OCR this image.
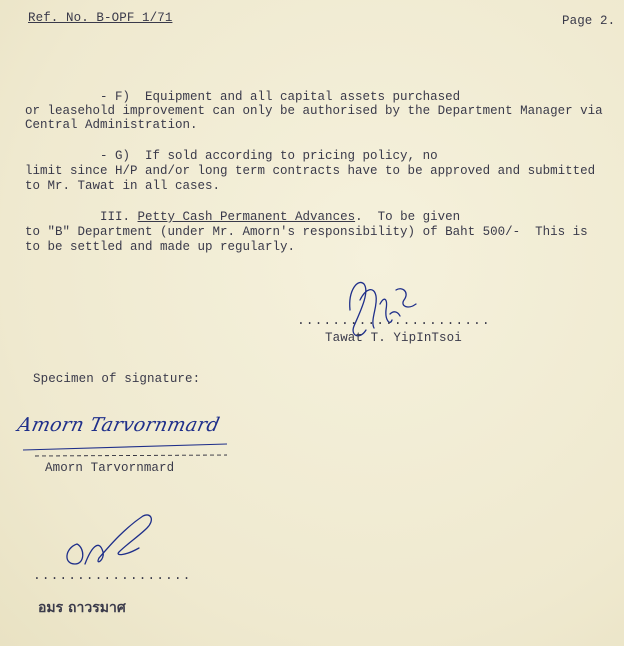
Ref. No. B-OPF 1/71	Page 2.
- F)  Equipment and all capital assets purchased
or leasehold improvement can only be authorised by the Department Manager via
Central Administration.
- G)  If sold according to pricing policy, no
limit since H/P and/or long term contracts have to be approved and submitted
to Mr. Tawat in all cases.
III. Petty Cash Permanent Advances.  To be given
to "B" Department (under Mr. Amorn's responsibility) of Baht 500/-  This is
to be settled and made up regularly.
......................
Tawat T. YipInTsoi
Specimen of signature:
Amorn Tarvornmard
Amorn Tarvornmard
..................
อมร ถาวรมาศ
